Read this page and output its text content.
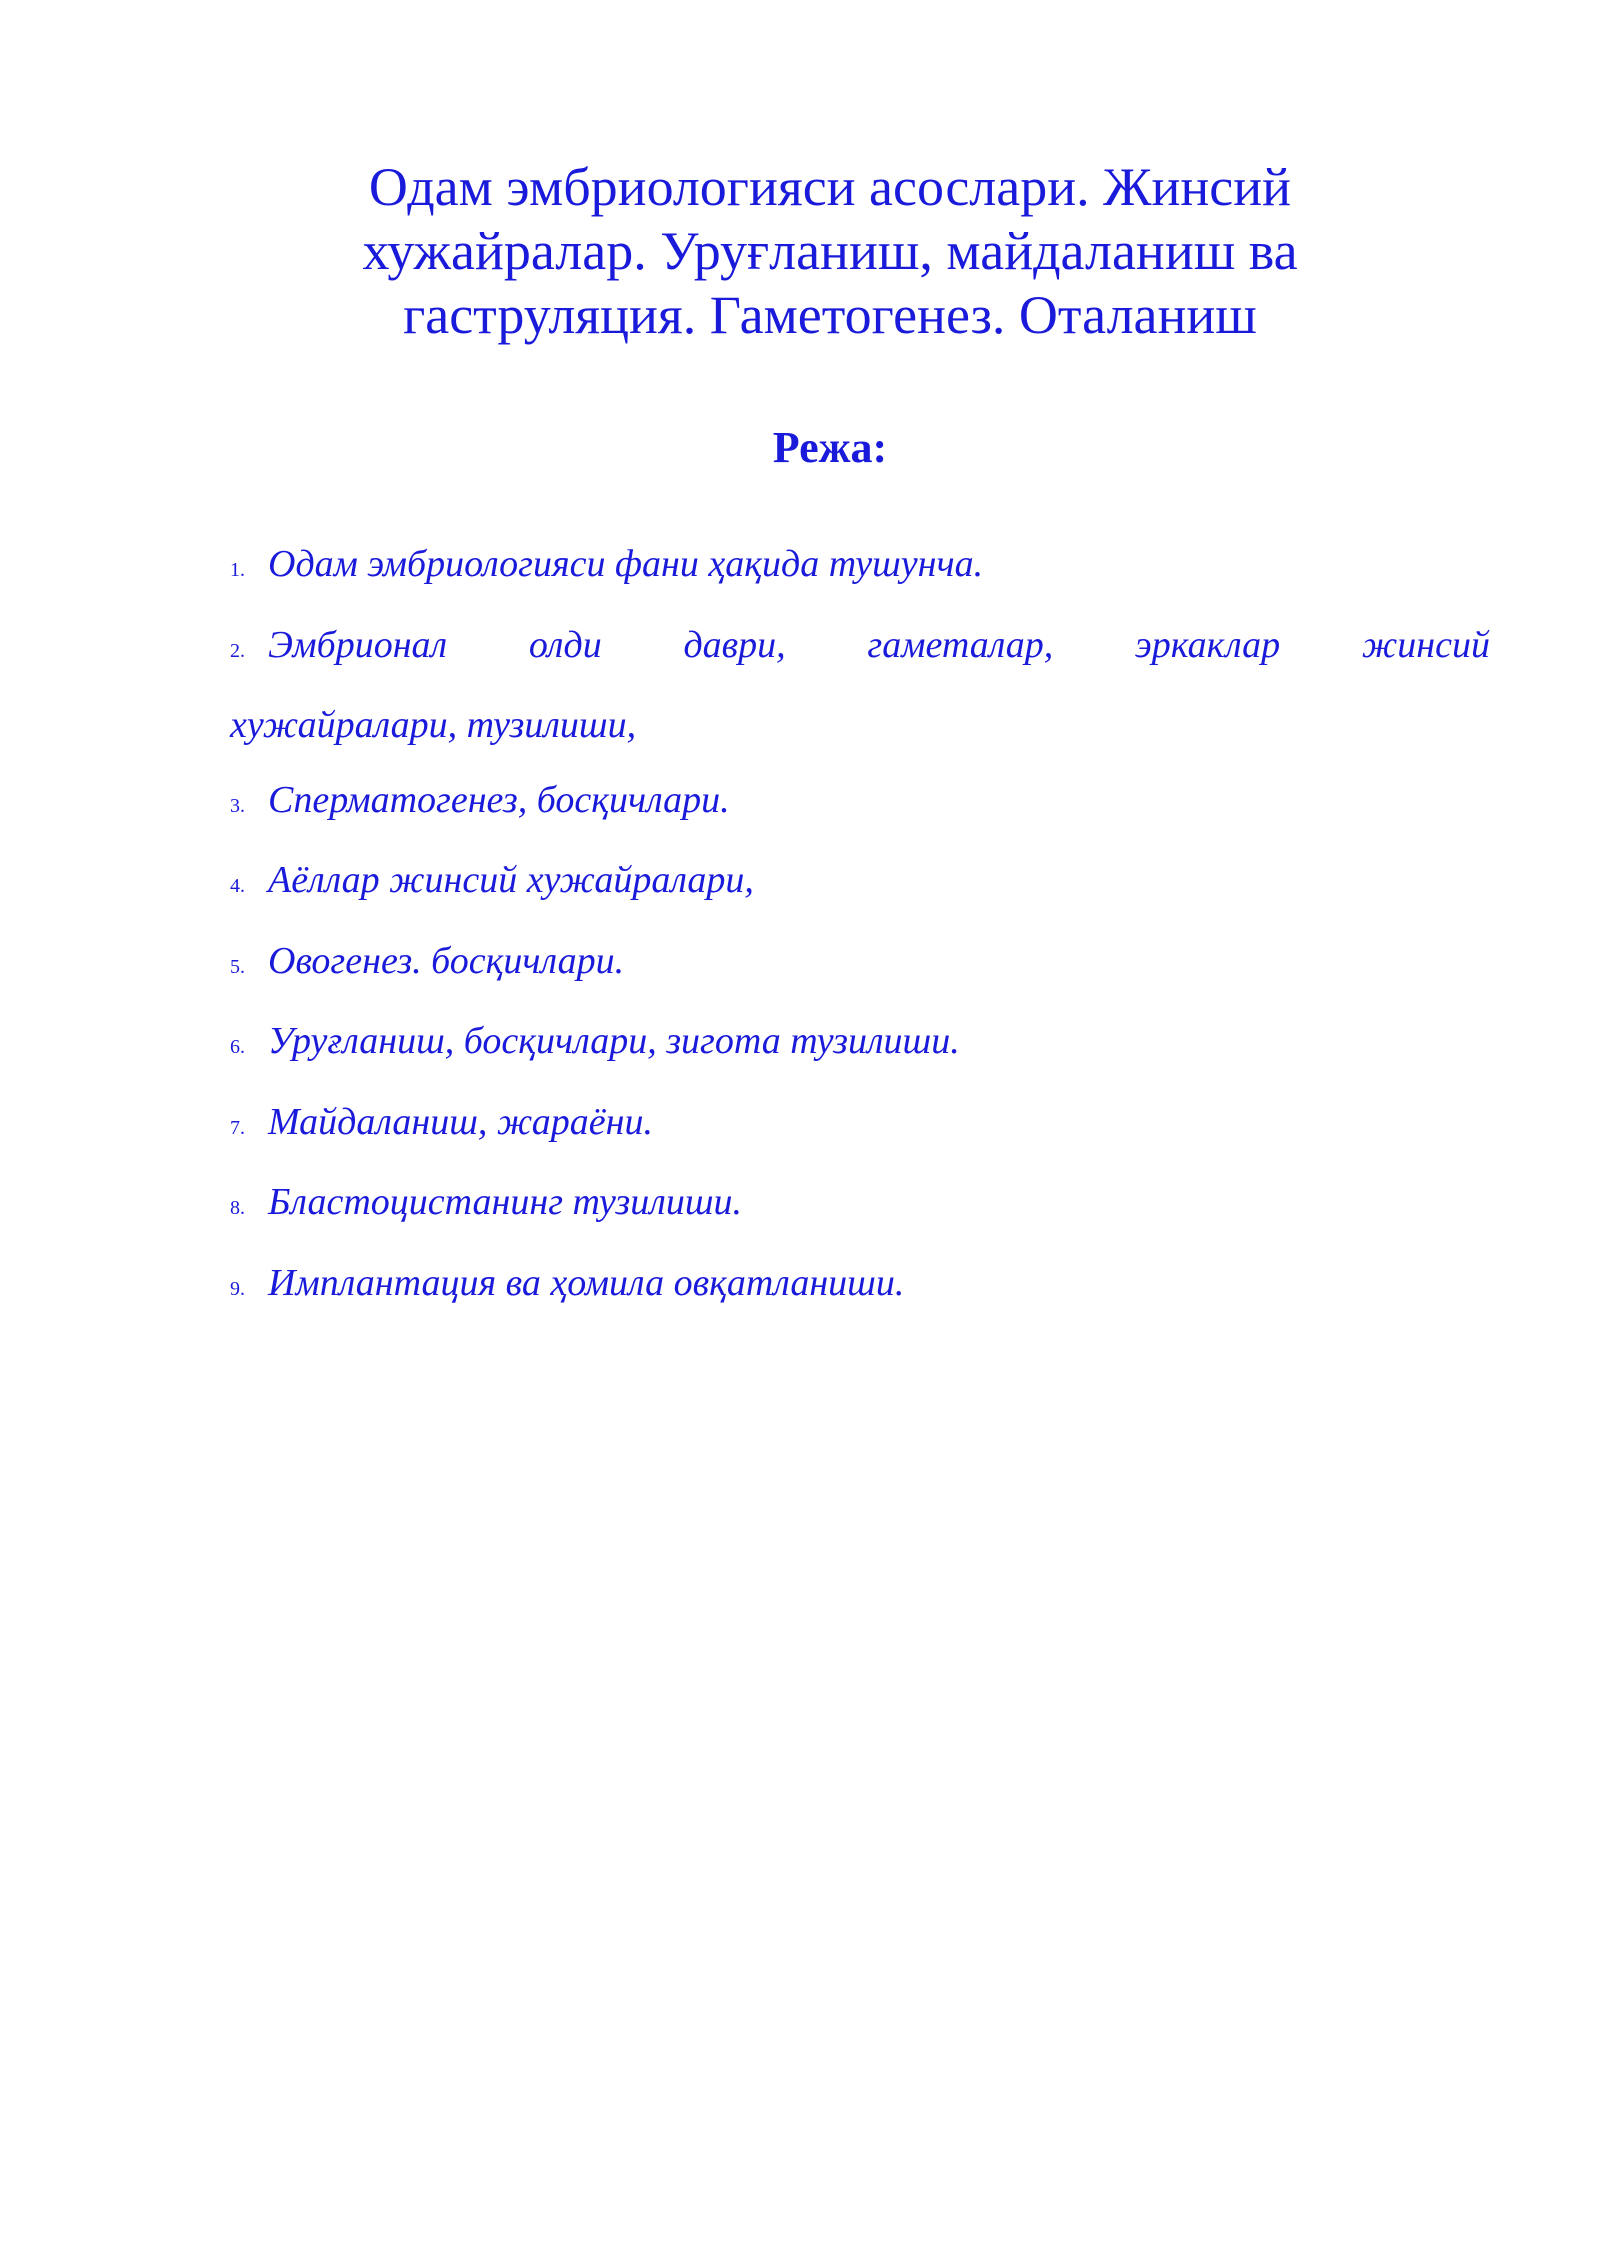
Одам эмбриологияси асослари. Жинсий
хужайралар. Уруғланиш, майдаланиш ва
гаструляция. Гаметогенез. Оталаниш
Режа:
1. Одам эмбриологияси фани ҳақида тушунча.
2. Эмбрионал олди даври, гаметалар, эркаклар жинсий
хужайралари, тузилиши,
3. Сперматогенез, босқичлари.
4. Аёллар жинсий хужайралари,
5. Овогенез. босқичлари.
6. Уруғланиш, босқичлари, зигота тузилиши.
7. Майдаланиш, жараёни.
8. Бластоцистанинг тузилиши.
9. Имплантация ва ҳомила овқатланиши.
